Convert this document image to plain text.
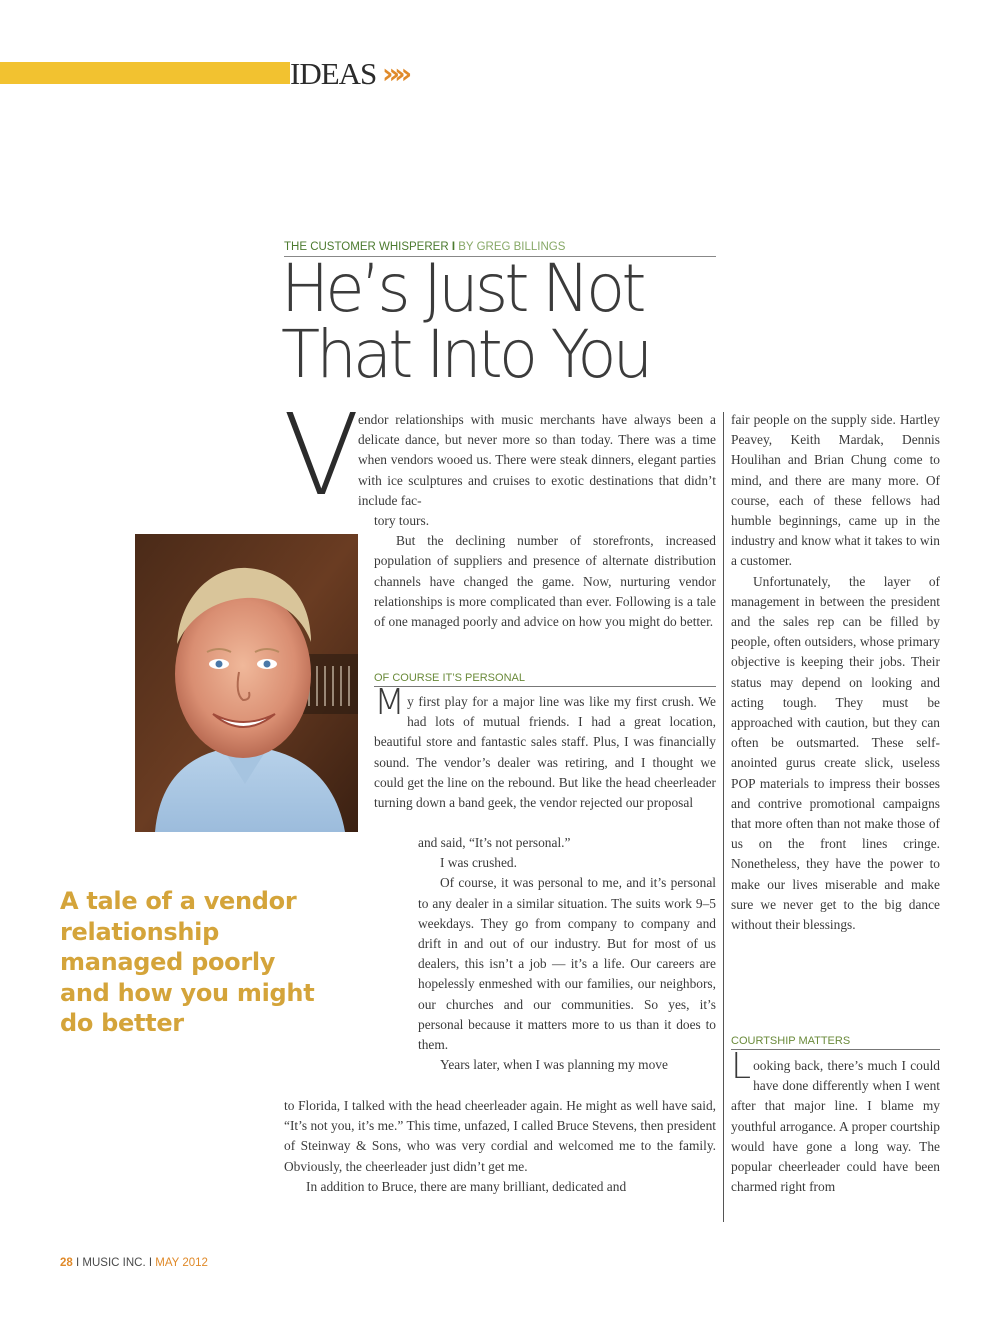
IDEAS »»
THE CUSTOMER WHISPERER I BY GREG BILLINGS
He’s Just Not
That Into You
V

endor relationships with music merchants have always been a delicate dance, but never more so than today. There was a time when vendors wooed us. There were steak dinners, elegant parties with ice sculptures and cruises to exotic destinations that didn’t include fac-

tory tours.

But the declining number of storefronts, increased population of suppliers and presence of alternate distribution channels have changed the game. Now, nurturing vendor relationships is more complicated than ever. Following is a tale of one managed poorly and advice on how you might do better.

OF COURSE IT’S PERSONAL

My first play for a major line was like my first crush. We had lots of mutual friends. I had a great location, beautiful store and fantastic sales staff. Plus, I was financially sound. The vendor’s dealer was retiring, and I thought we could get the line on the rebound. But like the head cheerleader turning down a band geek, the vendor rejected our proposal

and said, “It’s not personal.”

I was crushed.

Of course, it was personal to me, and it’s personal to any dealer in a similar situation. The suits work 9–5 weekdays. They go from company to company and drift in and out of our industry. But for most of us dealers, this isn’t a job — it’s a life. Our careers are hopelessly enmeshed with our families, our neighbors, our churches and our communities. So yes, it’s personal because it matters more to us than it does to them.

Years later, when I was planning my move

to Florida, I talked with the head cheerleader again. He might as well have said, “It’s not you, it’s me.” This time, unfazed, I called Bruce Stevens, then president of Steinway & Sons, who was very cordial and welcomed me to the family. Obviously, the cheerleader just didn’t get me.

In addition to Bruce, there are many brilliant, dedicated and

fair people on the supply side. Hartley Peavey, Keith Mardak, Dennis Houlihan and Brian Chung come to mind, and there are many more. Of course, each of these fellows had humble beginnings, came up in the industry and know what it takes to win a customer.

Unfortunately, the layer of management in between the president and the sales rep can be filled by people, often outsiders, whose primary objective is keeping their jobs. Their status may depend on looking and acting tough. They must be approached with caution, but they can often be outsmarted. These self-anointed gurus create slick, useless POP materials to impress their bosses and contrive promotional campaigns that more often than not make those of us on the front lines cringe. Nonetheless, they have the power to make our lives miserable and make sure we never get to the big dance without their blessings.

COURTSHIP MATTERS

Looking back, there’s much I could have done differently when I went after that major line. I blame my youthful arrogance. A proper courtship would have gone a long way. The popular cheerleader could have been charmed right from

A tale of a vendor relationship managed poorly and how you might do better
28 I MUSIC INC. I MAY 2012
